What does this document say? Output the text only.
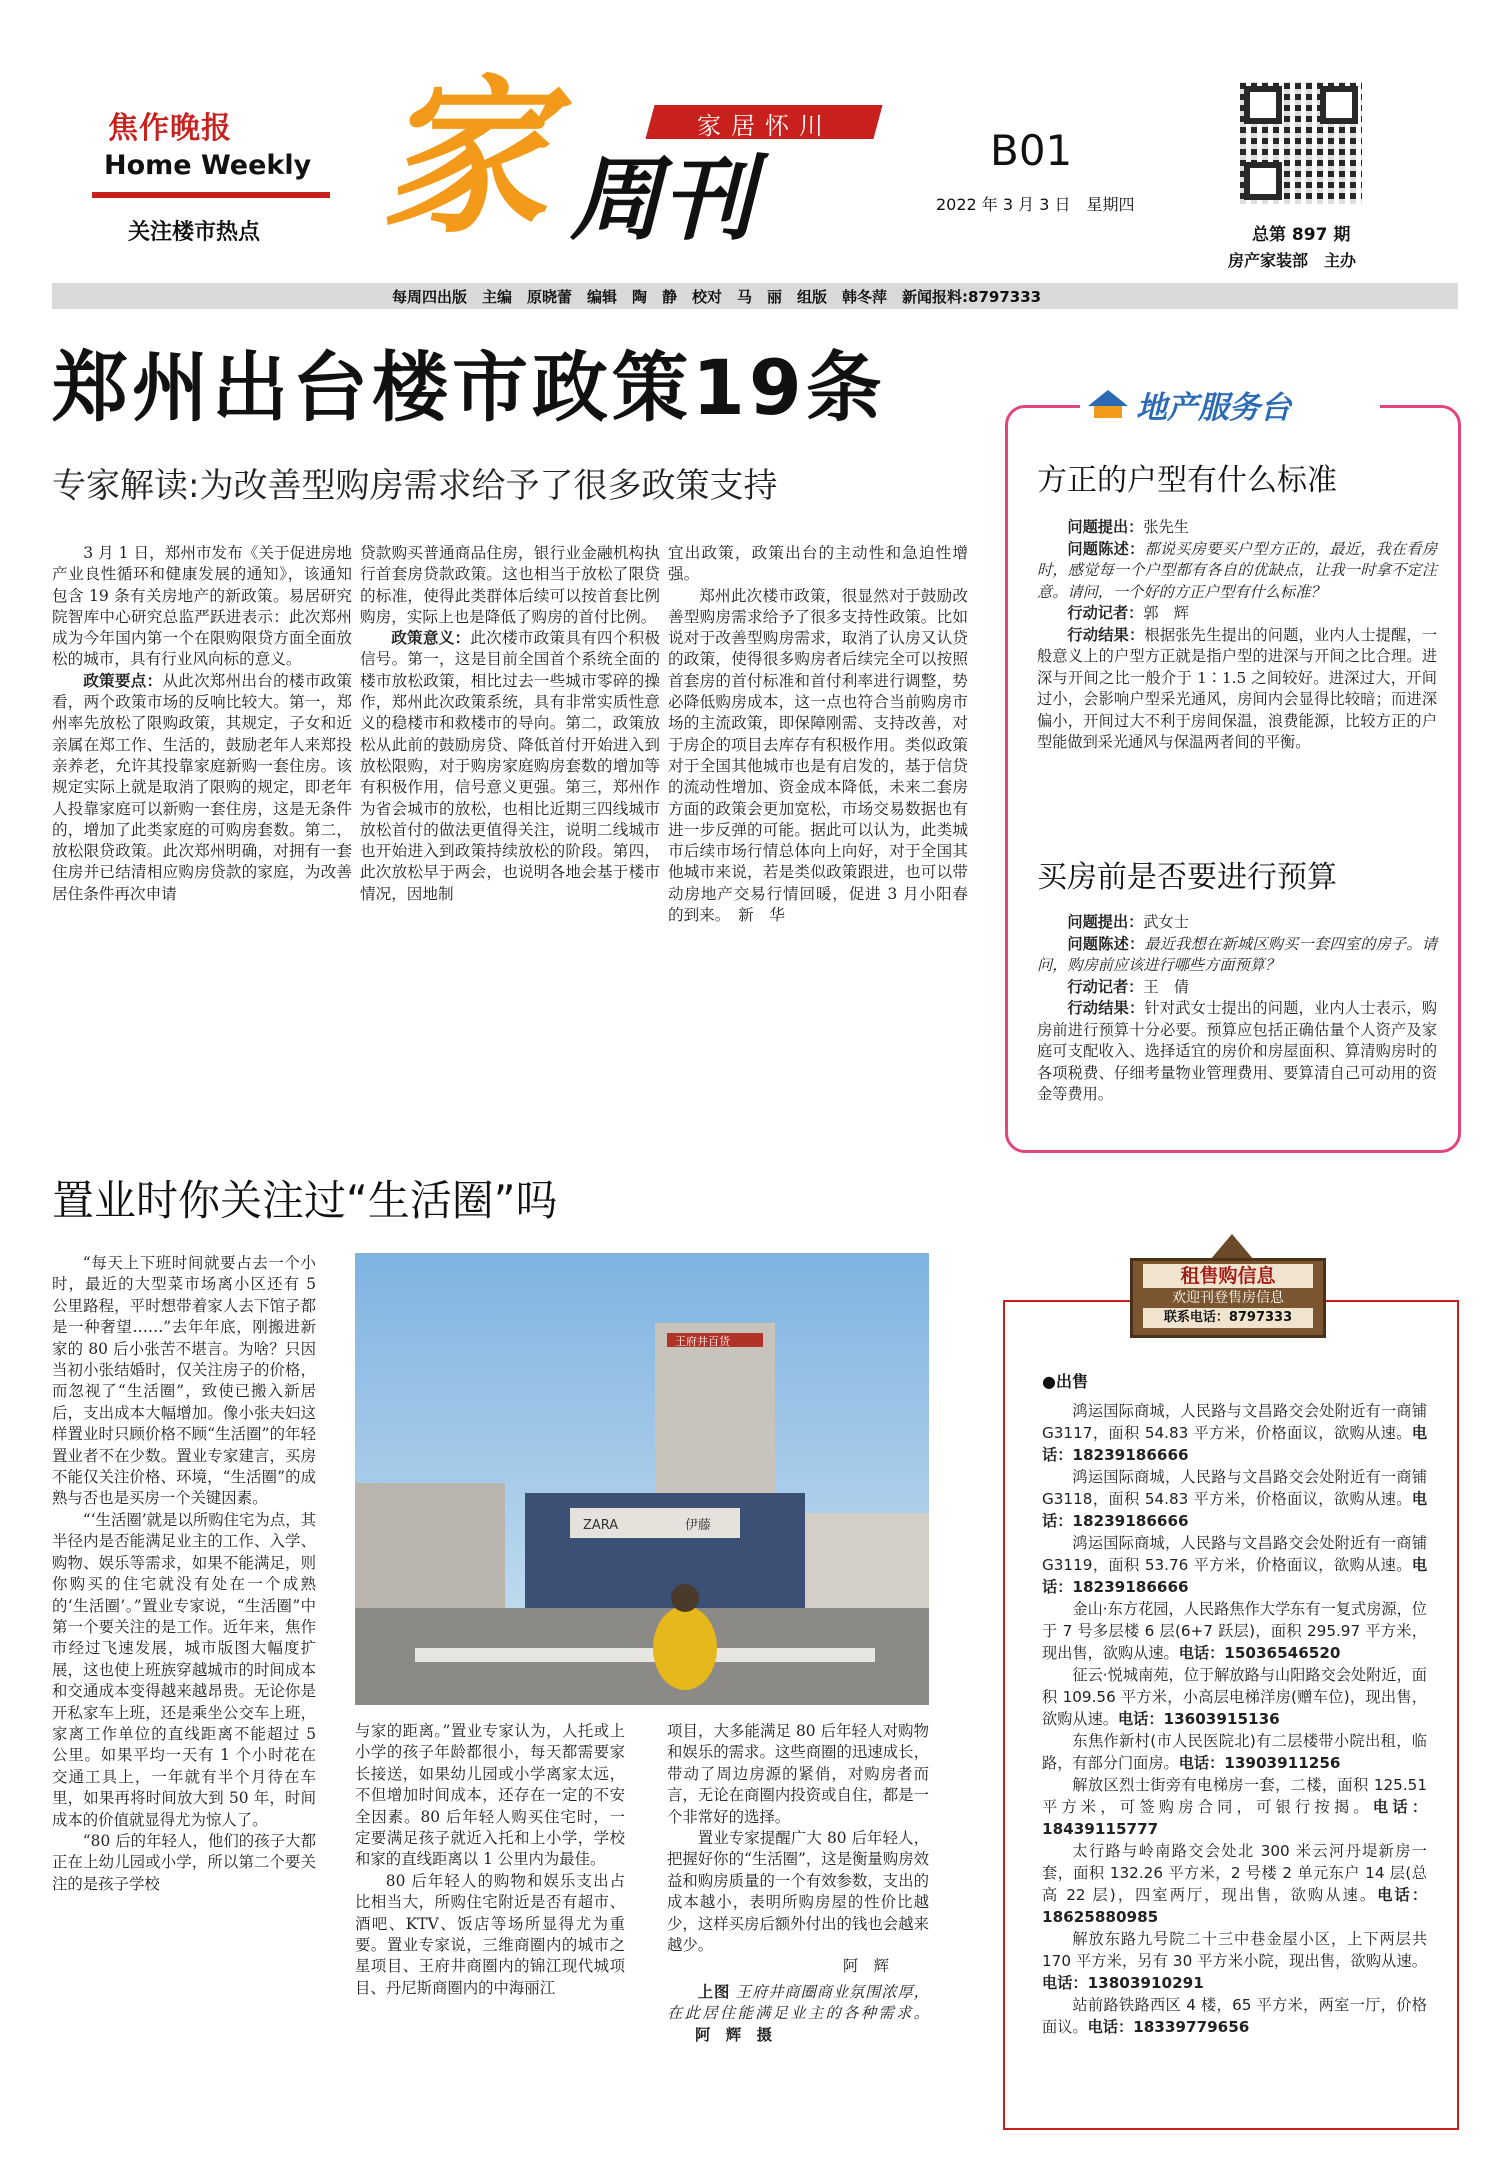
焦作晚报
Home Weekly
关注楼市热点
家居怀川
家 周刊	B01
2022 年 3 月 3 日　星期四
总第 897 期
房产家装部　主办
每周四出版　主编　原晓蕾　编辑　陶　静　校对　马　丽　组版　韩冬萍　新闻报料:8797333
郑州出台楼市政策19条
专家解读:为改善型购房需求给予了很多政策支持

3 月 1 日，郑州市发布《关于促进房地产业良性循环和健康发展的通知》，该通知包含 19 条有关房地产的新政策。易居研究院智库中心研究总监严跃进表示：此次郑州成为今年国内第一个在限购限贷方面全面放松的城市，具有行业风向标的意义。

政策要点：从此次郑州出台的楼市政策看，两个政策市场的反响比较大。第一，郑州率先放松了限购政策，其规定，子女和近亲属在郑工作、生活的，鼓励老年人来郑投亲养老，允许其投靠家庭新购一套住房。该规定实际上就是取消了限购的规定，即老年人投靠家庭可以新购一套住房，这是无条件的，增加了此类家庭的可购房套数。第二，放松限贷政策。此次郑州明确，对拥有一套住房并已结清相应购房贷款的家庭，为改善居住条件再次申请

贷款购买普通商品住房，银行业金融机构执行首套房贷款政策。这也相当于放松了限贷的标准，使得此类群体后续可以按首套比例购房，实际上也是降低了购房的首付比例。

政策意义：此次楼市政策具有四个积极信号。第一，这是目前全国首个系统全面的楼市放松政策，相比过去一些城市零碎的操作，郑州此次政策系统，具有非常实质性意义的稳楼市和救楼市的导向。第二，政策放松从此前的鼓励房贷、降低首付开始进入到放松限购，对于购房家庭购房套数的增加等有积极作用，信号意义更强。第三，郑州作为省会城市的放松，也相比近期三四线城市放松首付的做法更值得关注，说明二线城市也开始进入到政策持续放松的阶段。第四，此次放松早于两会，也说明各地会基于楼市情况，因地制

宜出政策，政策出台的主动性和急迫性增强。

郑州此次楼市政策，很显然对于鼓励改善型购房需求给予了很多支持性政策。比如说对于改善型购房需求，取消了认房又认贷的政策，使得很多购房者后续完全可以按照首套房的首付标准和首付利率进行调整，势必降低购房成本，这一点也符合当前购房市场的主流政策，即保障刚需、支持改善，对于房企的项目去库存有积极作用。类似政策对于全国其他城市也是有启发的，基于信贷的流动性增加、资金成本降低，未来二套房方面的政策会更加宽松，市场交易数据也有进一步反弹的可能。据此可以认为，此类城市后续市场行情总体向上向好，对于全国其他城市来说，若是类似政策跟进，也可以带动房地产交易行情回暖，促进 3 月小阳春的到来。　新　华

地产服务台
方正的户型有什么标准

问题提出：张先生

问题陈述：都说买房要买户型方正的，最近，我在看房时，感觉每一个户型都有各自的优缺点，让我一时拿不定注意。请问，一个好的方正户型有什么标准？

行动记者：郭　辉

行动结果：根据张先生提出的问题，业内人士提醒，一般意义上的户型方正就是指户型的进深与开间之比合理。进深与开间之比一般介于 1∶1.5 之间较好。进深过大，开间过小，会影响户型采光通风，房间内会显得比较暗；而进深偏小，开间过大不利于房间保温，浪费能源，比较方正的户型能做到采光通风与保温两者间的平衡。

买房前是否要进行预算

问题提出：武女士

问题陈述：最近我想在新城区购买一套四室的房子。请问，购房前应该进行哪些方面预算？

行动记者：王　倩

行动结果：针对武女士提出的问题，业内人士表示，购房前进行预算十分必要。预算应包括正确估量个人资产及家庭可支配收入、选择适宜的房价和房屋面积、算清购房时的各项税费、仔细考量物业管理费用、要算清自己可动用的资金等费用。

置业时你关注过“生活圈”吗

“每天上下班时间就要占去一个小时，最近的大型菜市场离小区还有 5 公里路程，平时想带着家人去下馆子都是一种奢望……”去年年底，刚搬进新家的 80 后小张苦不堪言。为啥？只因当初小张结婚时，仅关注房子的价格，而忽视了“生活圈”，致使已搬入新居后，支出成本大幅增加。像小张夫妇这样置业时只顾价格不顾“生活圈”的年轻置业者不在少数。置业专家建言，买房不能仅关注价格、环境，“生活圈”的成熟与否也是买房一个关键因素。

“‘生活圈’就是以所购住宅为点，其半径内是否能满足业主的工作、入学、购物、娱乐等需求，如果不能满足，则你购买的住宅就没有处在一个成熟的‘生活圈’。”置业专家说，“生活圈”中第一个要关注的是工作。近年来，焦作市经过飞速发展，城市版图大幅度扩展，这也使上班族穿越城市的时间成本和交通成本变得越来越昂贵。无论你是开私家车上班，还是乘坐公交车上班，家离工作单位的直线距离不能超过 5 公里。如果平均一天有 1 个小时花在交通工具上，一年就有半个月待在车里，如果再将时间放大到 50 年，时间成本的价值就显得尤为惊人了。

“80 后的年轻人，他们的孩子大都正在上幼儿园或小学，所以第二个要关注的是孩子学校

王府井百货
ZARA	伊藤

与家的距离。”置业专家认为，人托或上小学的孩子年龄都很小，每天都需要家长接送，如果幼儿园或小学离家太远，不但增加时间成本，还存在一定的不安全因素。80 后年轻人购买住宅时，一定要满足孩子就近入托和上小学，学校和家的直线距离以 1 公里内为最佳。

80 后年轻人的购物和娱乐支出占比相当大，所购住宅附近是否有超市、酒吧、KTV、饭店等场所显得尤为重要。置业专家说，三维商圈内的城市之星项目、王府井商圈内的锦江现代城项目、丹尼斯商圈内的中海丽江

项目，大多能满足 80 后年轻人对购物和娱乐的需求。这些商圈的迅速成长，带动了周边房源的紧俏，对购房者而言，无论在商圈内投资或自住，都是一个非常好的选择。

置业专家提醒广大 80 后年轻人，把握好你的“生活圈”，这是衡量购房效益和购房质量的一个有效参数，支出的成本越小，表明所购房屋的性价比越少，这样买房后额外付出的钱也会越来越少。

阿　辉
上图 王府井商圈商业氛围浓厚，在此居住能满足业主的各种需求。 阿　辉　摄
租售购信息
欢迎刊登售房信息
联系电话：8797333
●出售

鸿运国际商城，人民路与文昌路交会处附近有一商铺 G3117，面积 54.83 平方米，价格面议，欲购从速。电话：18239186666

鸿运国际商城，人民路与文昌路交会处附近有一商铺 G3118，面积 54.83 平方米，价格面议，欲购从速。电话：18239186666

鸿运国际商城，人民路与文昌路交会处附近有一商铺 G3119，面积 53.76 平方米，价格面议，欲购从速。电话：18239186666

金山·东方花园，人民路焦作大学东有一复式房源，位于 7 号多层楼 6 层(6+7 跃层)，面积 295.97 平方米，现出售，欲购从速。电话：15036546520

征云·悦城南苑，位于解放路与山阳路交会处附近，面积 109.56 平方米，小高层电梯洋房(赠车位)，现出售，欲购从速。电话：13603915136

东焦作新村(市人民医院北)有二层楼带小院出租，临路，有部分门面房。电话：13903911256

解放区烈士街旁有电梯房一套，二楼，面积 125.51 平方米，可签购房合同，可银行按揭。电话：18439115777

太行路与岭南路交会处北 300 米云河丹堤新房一套，面积 132.26 平方米，2 号楼 2 单元东户 14 层(总高 22 层)，四室两厅，现出售，欲购从速。电话：18625880985

解放东路九号院二十三中巷金屋小区，上下两层共 170 平方米，另有 30 平方米小院，现出售，欲购从速。电话：13803910291

站前路铁路西区 4 楼，65 平方米，两室一厅，价格面议。电话：18339779656
